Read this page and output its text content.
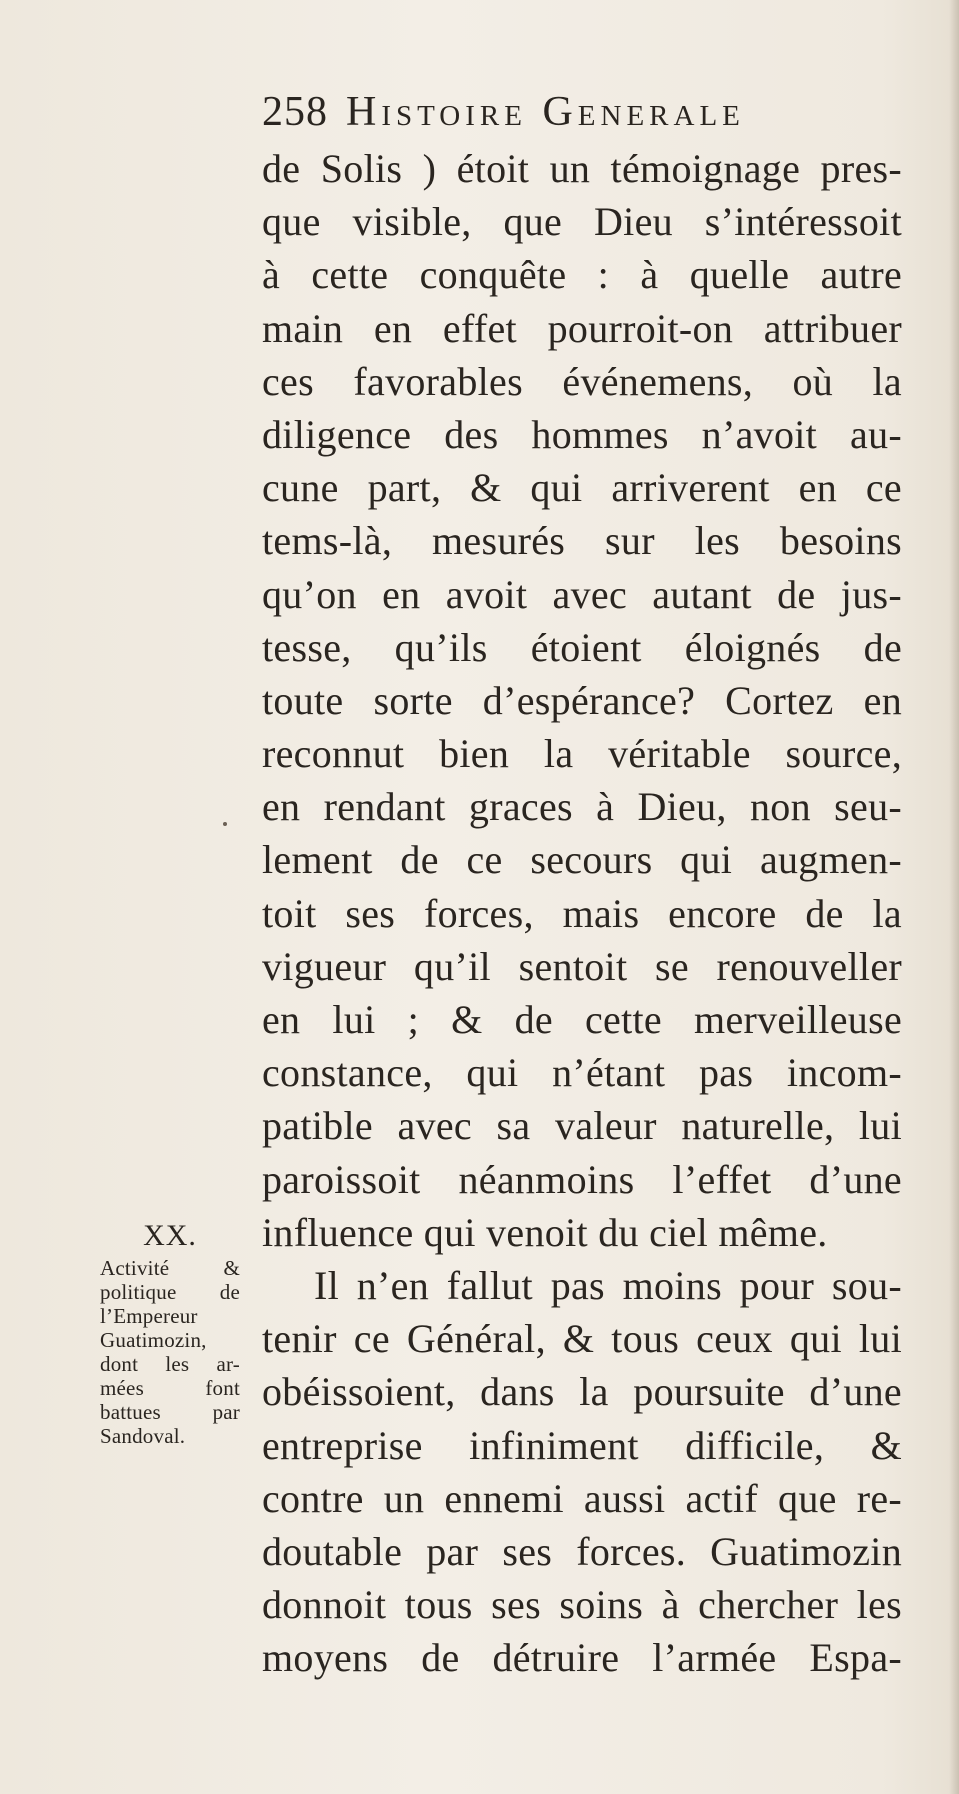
258 Histoire Generale
de Solis ) étoit un témoignage pres-
que visible, que Dieu s’intéressoit
à cette conquête : à quelle autre
main en effet pourroit-on attribuer
ces favorables événemens, où la
diligence des hommes n’avoit au-
cune part, & qui arriverent en ce
tems-là, mesurés sur les besoins
qu’on en avoit avec autant de jus-
tesse, qu’ils étoient éloignés de
toute sorte d’espérance? Cortez en
reconnut bien la véritable source,
en rendant graces à Dieu, non seu-
lement de ce secours qui augmen-
toit ses forces, mais encore de la
vigueur qu’il sentoit se renouveller
en lui ; & de cette merveilleuse
constance, qui n’étant pas incom-
patible avec sa valeur naturelle, lui
paroissoit néanmoins l’effet d’une
influence qui venoit du ciel même.
Il n’en fallut pas moins pour sou-
tenir ce Général, & tous ceux qui lui
obéissoient, dans la poursuite d’une
entreprise infiniment difficile, &
contre un ennemi aussi actif que re-
doutable par ses forces. Guatimozin
donnoit tous ses soins à chercher les
moyens de détruire l’armée Espa-
XX.
Activité &
politique de
l’Empereur
Guatimozin,
dont les ar-
mées font
battues par
Sandoval.
